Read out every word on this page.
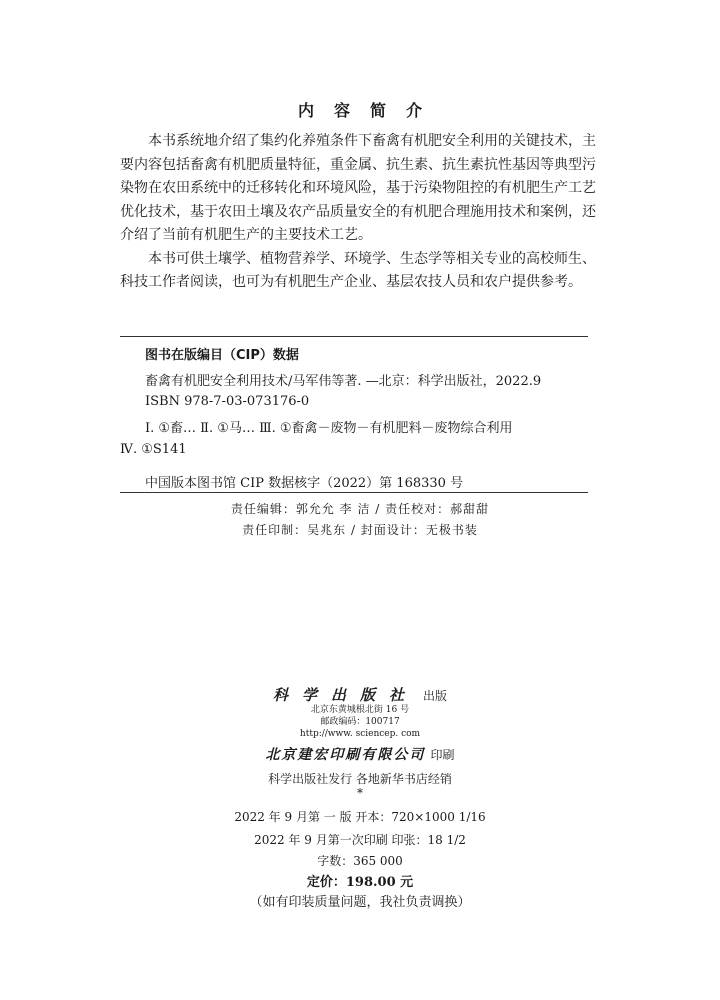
内容简介

本书系统地介绍了集约化养殖条件下畜禽有机肥安全利用的关键技术，主要内容包括畜禽有机肥质量特征，重金属、抗生素、抗生素抗性基因等典型污染物在农田系统中的迁移转化和环境风险，基于污染物阻控的有机肥生产工艺优化技术，基于农田土壤及农产品质量安全的有机肥合理施用技术和案例，还介绍了当前有机肥生产的主要技术工艺。

本书可供土壤学、植物营养学、环境学、生态学等相关专业的高校师生、科技工作者阅读，也可为有机肥生产企业、基层农技人员和农户提供参考。

图书在版编目（CIP）数据
畜禽有机肥安全利用技术/马军伟等著. —北京：科学出版社，2022.9
ISBN 978-7-03-073176-0
Ⅰ. ①畜… Ⅱ. ①马… Ⅲ. ①畜禽－废物－有机肥料－废物综合利用
Ⅳ. ①S141
中国版本图书馆 CIP 数据核字（2022）第 168330 号
责任编辑：郭允允 李 洁 / 责任校对：郝甜甜
责任印制：吴兆东 / 封面设计：无极书装
科学出版社 出版
北京东黄城根北街 16 号
邮政编码：100717
http://www. sciencep. com
北京建宏印刷有限公司 印刷
科学出版社发行 各地新华书店经销
*
2022 年 9 月第 一 版 开本：720×1000 1/16
2022 年 9 月第一次印刷 印张：18 1/2
字数：365 000
定价：198.00 元
（如有印装质量问题，我社负责调换）
